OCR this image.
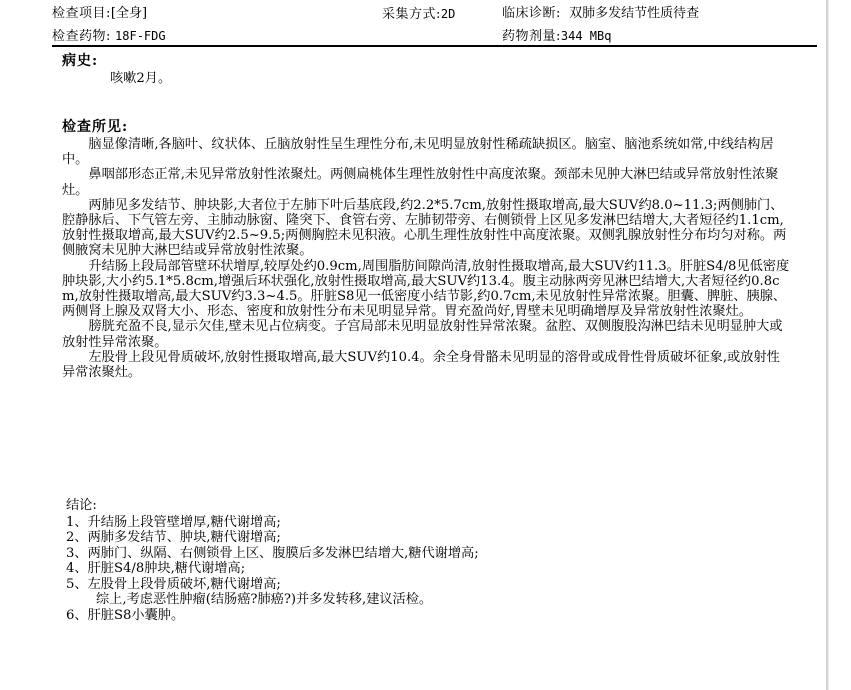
检查项目:[全身]	采集方式:2D	临床诊断: 双肺多发结节性质待查
检查药物: 18F-FDG	药物剂量:344 MBq
病史:
咳嗽2月。
检查所见:

脑显像清晰,各脑叶、纹状体、丘脑放射性呈生理性分布,未见明显放射性稀疏缺损区。脑室、脑池系统如常,中线结构居中。

鼻咽部形态正常,未见异常放射性浓聚灶。两侧扁桃体生理性放射性中高度浓聚。颈部未见肿大淋巴结或异常放射性浓聚灶。

两肺见多发结节、肿块影,大者位于左肺下叶后基底段,约2.2*5.7cm,放射性摄取增高,最大SUV约8.0~11.3;两侧肺门、腔静脉后、下气管左旁、主肺动脉窗、隆突下、食管右旁、左肺韧带旁、右侧锁骨上区见多发淋巴结增大,大者短径约1.1cm,放射性摄取增高,最大SUV约2.5~9.5;两侧胸腔未见积液。心肌生理性放射性中高度浓聚。双侧乳腺放射性分布均匀对称。两侧腋窝未见肿大淋巴结或异常放射性浓聚。

升结肠上段局部管壁环状增厚,较厚处约0.9cm,周围脂肪间隙尚清,放射性摄取增高,最大SUV约11.3。肝脏S4/8见低密度肿块影,大小约5.1*5.8cm,增强后环状强化,放射性摄取增高,最大SUV约13.4。腹主动脉两旁见淋巴结增大,大者短径约0.8cm,放射性摄取增高,最大SUV约3.3~4.5。肝脏S8见一低密度小结节影,约0.7cm,未见放射性异常浓聚。胆囊、脾脏、胰腺、两侧肾上腺及双肾大小、形态、密度和放射性分布未见明显异常。胃充盈尚好,胃壁未见明确增厚及异常放射性浓聚灶。

膀胱充盈不良,显示欠佳,壁未见占位病变。子宫局部未见明显放射性异常浓聚。盆腔、双侧腹股沟淋巴结未见明显肿大或放射性异常浓聚。

左股骨上段见骨质破坏,放射性摄取增高,最大SUV约10.4。余全身骨骼未见明显的溶骨或成骨性骨质破坏征象,或放射性异常浓聚灶。

结论:
1、升结肠上段管壁增厚,糖代谢增高;
2、两肺多发结节、肿块,糖代谢增高;
3、两肺门、纵隔、右侧锁骨上区、腹膜后多发淋巴结增大,糖代谢增高;
4、肝脏S4/8肿块,糖代谢增高;
5、左股骨上段骨质破坏,糖代谢增高;
综上,考虑恶性肿瘤(结肠癌?肺癌?)并多发转移,建议活检。
6、肝脏S8小囊肿。
